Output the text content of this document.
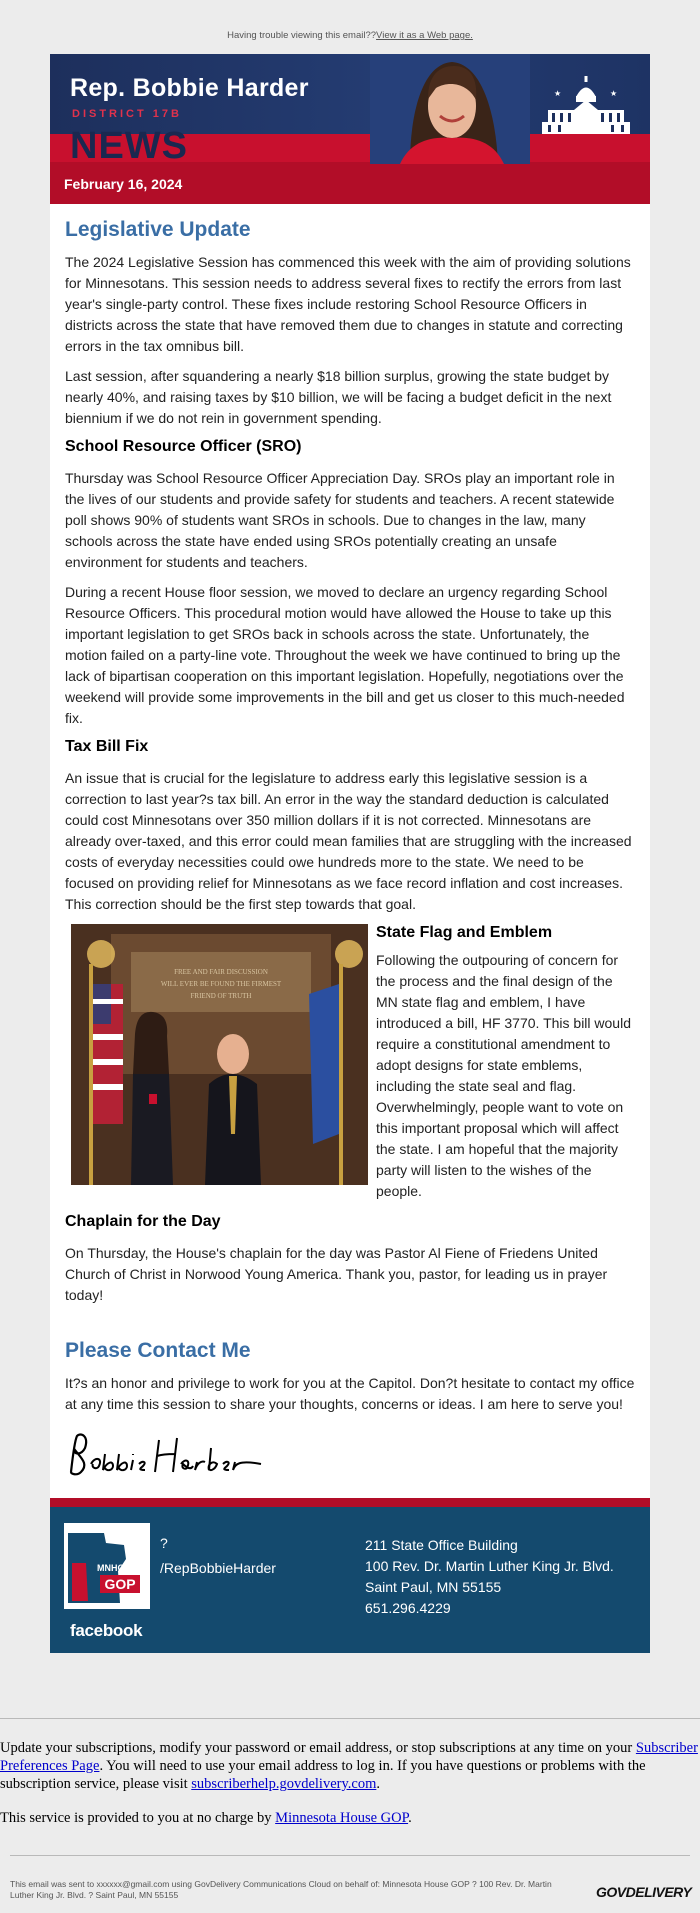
Having trouble viewing this email??View it as a Web page.
Rep. Bobbie Harder
DISTRICT 17B
NEWS
February 16, 2024
★	★
Legislative Update

The 2024 Legislative Session has commenced this week with the aim of providing solutions for Minnesotans. This session needs to address several fixes to rectify the errors from last year's single-party control. These fixes include restoring School Resource Officers in districts across the state that have removed them due to changes in statute and correcting errors in the tax omnibus bill.

Last session, after squandering a nearly $18 billion surplus, growing the state budget by nearly 40%, and raising taxes by $10 billion, we will be facing a budget deficit in the next biennium if we do not rein in government spending.

School Resource Officer (SRO)

Thursday was School Resource Officer Appreciation Day. SROs play an important role in the lives of our students and provide safety for students and teachers. A recent statewide poll shows 90% of students want SROs in schools. Due to changes in the law, many schools across the state have ended using SROs potentially creating an unsafe environment for students and teachers.

During a recent House floor session, we moved to declare an urgency regarding School Resource Officers. This procedural motion would have allowed the House to take up this important legislation to get SROs back in schools across the state. Unfortunately, the motion failed on a party-line vote. Throughout the week we have continued to bring up the lack of bipartisan cooperation on this important legislation. Hopefully, negotiations over the weekend will provide some improvements in the bill and get us closer to this much-needed fix.

Tax Bill Fix

An issue that is crucial for the legislature to address early this legislative session is a correction to last year?s tax bill. An error in the way the standard deduction is calculated could cost Minnesotans over 350 million dollars if it is not corrected. Minnesotans are already over-taxed, and this error could mean families that are struggling with the increased costs of everyday necessities could owe hundreds more to the state. We need to be focused on providing relief for Minnesotans as we face record inflation and cost increases. This correction should be the first step towards that goal.

FREE AND FAIR DISCUSSION
WILL EVER BE FOUND THE FIRMEST
FRIEND OF TRUTH
State Flag and Emblem

Following the outpouring of concern for the process and the final design of the MN state flag and emblem, I have introduced a bill, HF 3770. This bill would require a constitutional amendment to adopt designs for state emblems, including the state seal and flag. Overwhelmingly, people want to vote on this important proposal which will affect the state. I am hopeful that the majority party will listen to the wishes of the people.

Chaplain for the Day

On Thursday, the House's chaplain for the day was Pastor Al Fiene of Friedens United Church of Christ in Norwood Young America. Thank you, pastor, for leading us in prayer today!

Please Contact Me

It?s an honor and privilege to work for you at the Capitol. Don?t hesitate to contact my office at any time this session to share your thoughts, concerns or ideas. I am here to serve you!

MNHOUSE
GOP
facebook
?
/RepBobbieHarder
211 State Office Building
100 Rev. Dr. Martin Luther King Jr. Blvd.
Saint Paul, MN 55155
651.296.4229

Update your subscriptions, modify your password or email address, or stop subscriptions at any time on your Subscriber Preferences Page. You will need to use your email address to log in. If you have questions or problems with the subscription service, please visit subscriberhelp.govdelivery.com.

This service is provided to you at no charge by Minnesota House GOP.

This email was sent to xxxxxx@gmail.com using GovDelivery Communications Cloud on behalf of: Minnesota House GOP ? 100 Rev. Dr. Martin Luther King Jr. Blvd. ? Saint Paul, MN 55155	GOVDELIVERY
